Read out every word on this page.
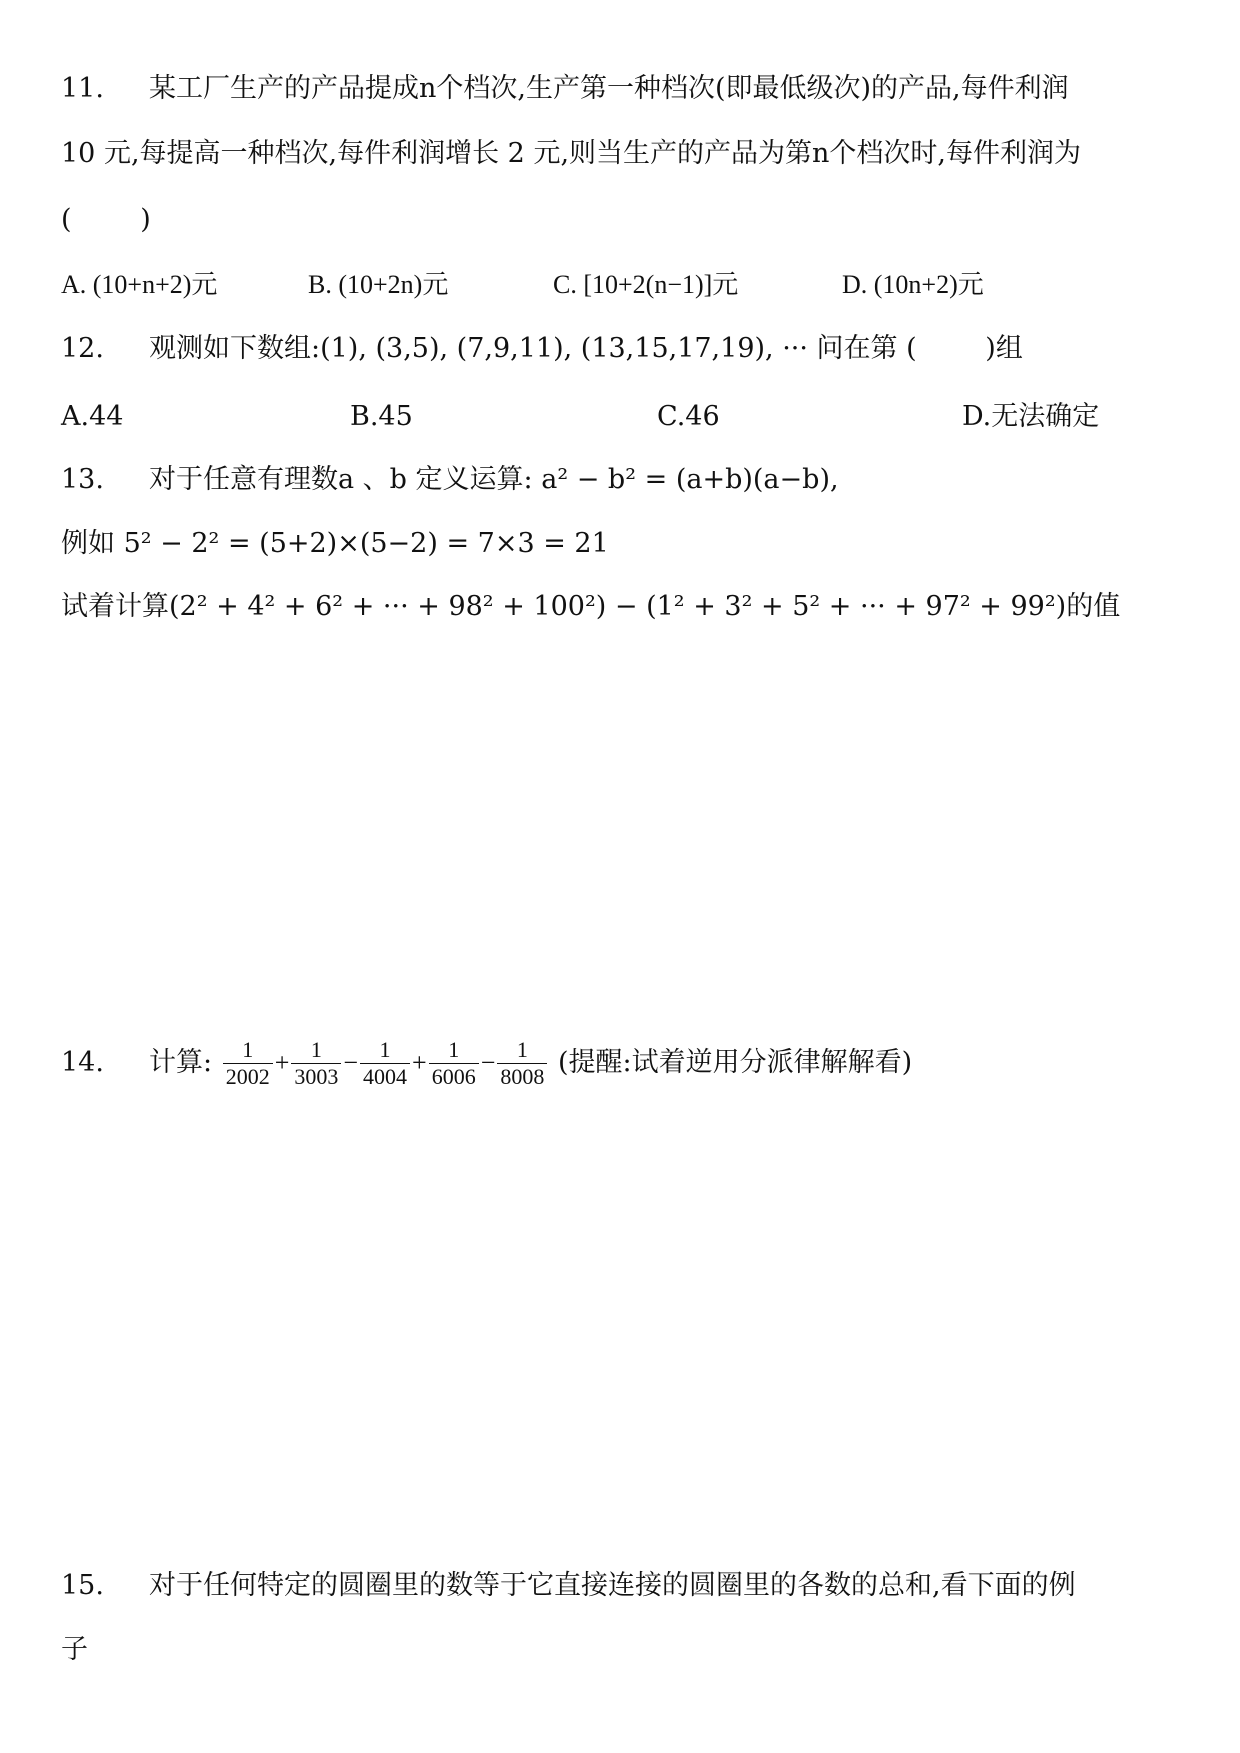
11. 某工厂生产的产品提成n个档次,生产第一种档次(即最低级次)的产品,每件利润
10 元,每提高一种档次,每件利润增长 2 元,则当生产的产品为第n个档次时,每件利润为
(        )
A. (10+n+2)元	B. (10+2n)元	C. [10+2(n−1)]元	D. (10n+2)元
12. 观测如下数组:(1), (3,5), (7,9,11), (13,15,17,19), ··· 问在第 (        )组
A.44	B.45	C.46	D.无法确定
13. 对于任意有理数a 、b 定义运算: a² − b² = (a+b)(a−b),
例如 5² − 2² = (5+2)×(5−2) = 7×3 = 21
试着计算(2² + 4² + 6² + ··· + 98² + 100²) − (1² + 3² + 5² + ··· + 97² + 99²)的值
14. 计算: $\frac{1}{2002} + \frac{1}{3003} - \frac{1}{4004} + \frac{1}{6006} - \frac{1}{8008}$ (提醒:试着逆用分派律解解看)
15. 对于任何特定的圆圈里的数等于它直接连接的圆圈里的各数的总和,看下面的例
子
